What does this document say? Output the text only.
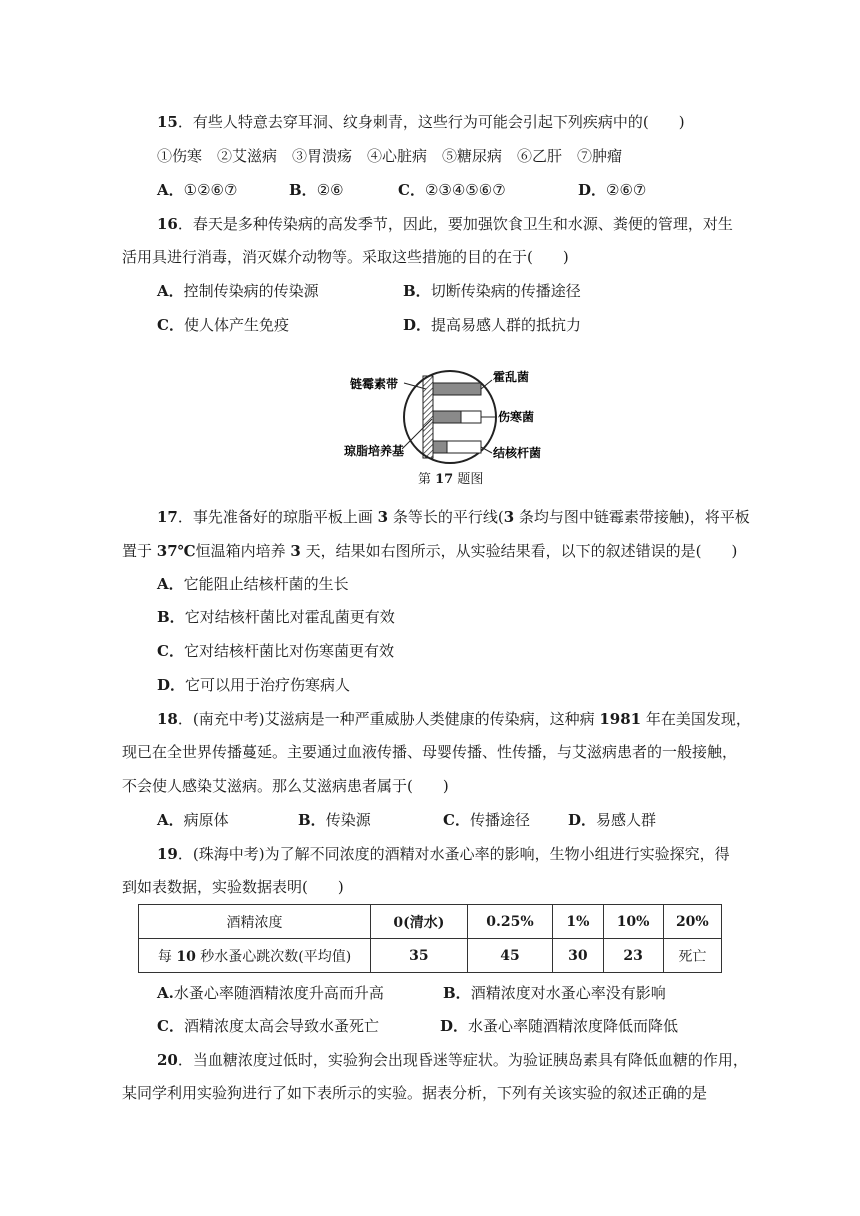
15．有些人特意去穿耳洞、纹身刺青，这些行为可能会引起下列疾病中的(　　)
①伤寒　②艾滋病　③胃溃疡　④心脏病　⑤糖尿病　⑥乙肝　⑦肿瘤
A．①②⑥⑦	B．②⑥	C．②③④⑤⑥⑦	D．②⑥⑦
16．春天是多种传染病的高发季节，因此，要加强饮食卫生和水源、粪便的管理，对生
活用具进行消毒，消灭媒介动物等。采取这些措施的目的在于(　　)
A．控制传染病的传染源	B．切断传染病的传播途径
C．使人体产生免疫	D．提高易感人群的抵抗力
链霉素带
琼脂培养基
霍乱菌
伤寒菌
结核杆菌
第 17 题图
17．事先准备好的琼脂平板上画 3 条等长的平行线(3 条均与图中链霉素带接触)，将平板
置于 37℃恒温箱内培养 3 天，结果如右图所示，从实验结果看，以下的叙述错误的是(　　)
A．它能阻止结核杆菌的生长
B．它对结核杆菌比对霍乱菌更有效
C．它对结核杆菌比对伤寒菌更有效
D．它可以用于治疗伤寒病人
18．(南充中考)艾滋病是一种严重威胁人类健康的传染病，这种病 1981 年在美国发现，
现已在全世界传播蔓延。主要通过血液传播、母婴传播、性传播，与艾滋病患者的一般接触，
不会使人感染艾滋病。那么艾滋病患者属于(　　)
A．病原体	B．传染源	C．传播途径	D．易感人群
19．(珠海中考)为了解不同浓度的酒精对水蚤心率的影响，生物小组进行实验探究，得
到如表数据，实验数据表明(　　)
酒精浓度	0(清水)	0.25%	1%	10%	20%
每 10 秒水蚤心跳次数(平均值)	35	45	30	23	死亡
A.水蚤心率随酒精浓度升高而升高	B．酒精浓度对水蚤心率没有影响
C．酒精浓度太高会导致水蚤死亡	D．水蚤心率随酒精浓度降低而降低
20．当血糖浓度过低时，实验狗会出现昏迷等症状。为验证胰岛素具有降低血糖的作用，
某同学利用实验狗进行了如下表所示的实验。据表分析，下列有关该实验的叙述正确的是
